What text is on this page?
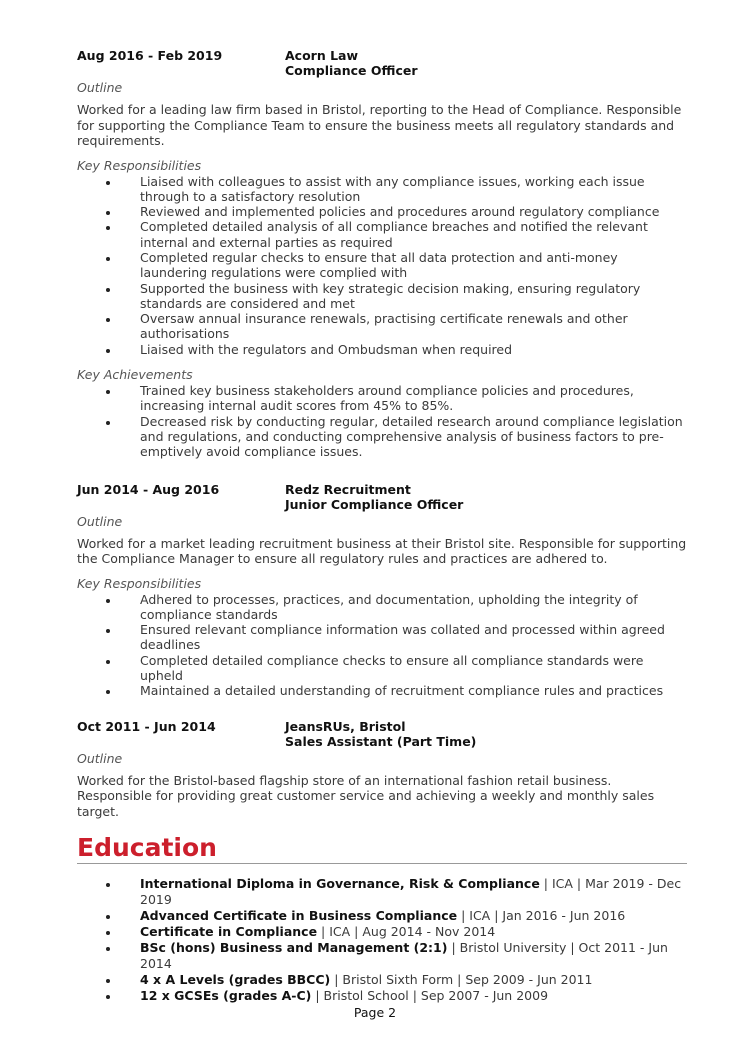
Aug 2016 - Feb 2019	Acorn Law
Compliance Officer
Outline
Worked for a leading law firm based in Bristol, reporting to the Head of Compliance. Responsible for supporting the Compliance Team to ensure the business meets all regulatory standards and requirements.
Key Responsibilities
Liaised with colleagues to assist with any compliance issues, working each issue through to a satisfactory resolution
Reviewed and implemented policies and procedures around regulatory compliance
Completed detailed analysis of all compliance breaches and notified the relevant internal and external parties as required
Completed regular checks to ensure that all data protection and anti-money laundering regulations were complied with
Supported the business with key strategic decision making, ensuring regulatory standards are considered and met
Oversaw annual insurance renewals, practising certificate renewals and other authorisations
Liaised with the regulators and Ombudsman when required
Key Achievements
Trained key business stakeholders around compliance policies and procedures, increasing internal audit scores from 45% to 85%.
Decreased risk by conducting regular, detailed research around compliance legislation and regulations, and conducting comprehensive analysis of business factors to pre-emptively avoid compliance issues.
Jun 2014 - Aug 2016	Redz Recruitment
Junior Compliance Officer
Outline
Worked for a market leading recruitment business at their Bristol site. Responsible for supporting the Compliance Manager to ensure all regulatory rules and practices are adhered to.
Key Responsibilities
Adhered to processes, practices, and documentation, upholding the integrity of compliance standards
Ensured relevant compliance information was collated and processed within agreed deadlines
Completed detailed compliance checks to ensure all compliance standards were upheld
Maintained a detailed understanding of recruitment compliance rules and practices
Oct 2011 - Jun 2014	JeansRUs, Bristol
Sales Assistant (Part Time)
Outline
Worked for the Bristol-based flagship store of an international fashion retail business. Responsible for providing great customer service and achieving a weekly and monthly sales target.
Education
International Diploma in Governance, Risk & Compliance | ICA | Mar 2019 - Dec 2019
Advanced Certificate in Business Compliance | ICA | Jan 2016 - Jun 2016
Certificate in Compliance | ICA | Aug 2014 - Nov 2014
BSc (hons) Business and Management (2:1) | Bristol University | Oct 2011 - Jun 2014
4 x A Levels (grades BBCC) | Bristol Sixth Form | Sep 2009 - Jun 2011
12 x GCSEs (grades A-C) | Bristol School | Sep 2007 - Jun 2009
Page 2
